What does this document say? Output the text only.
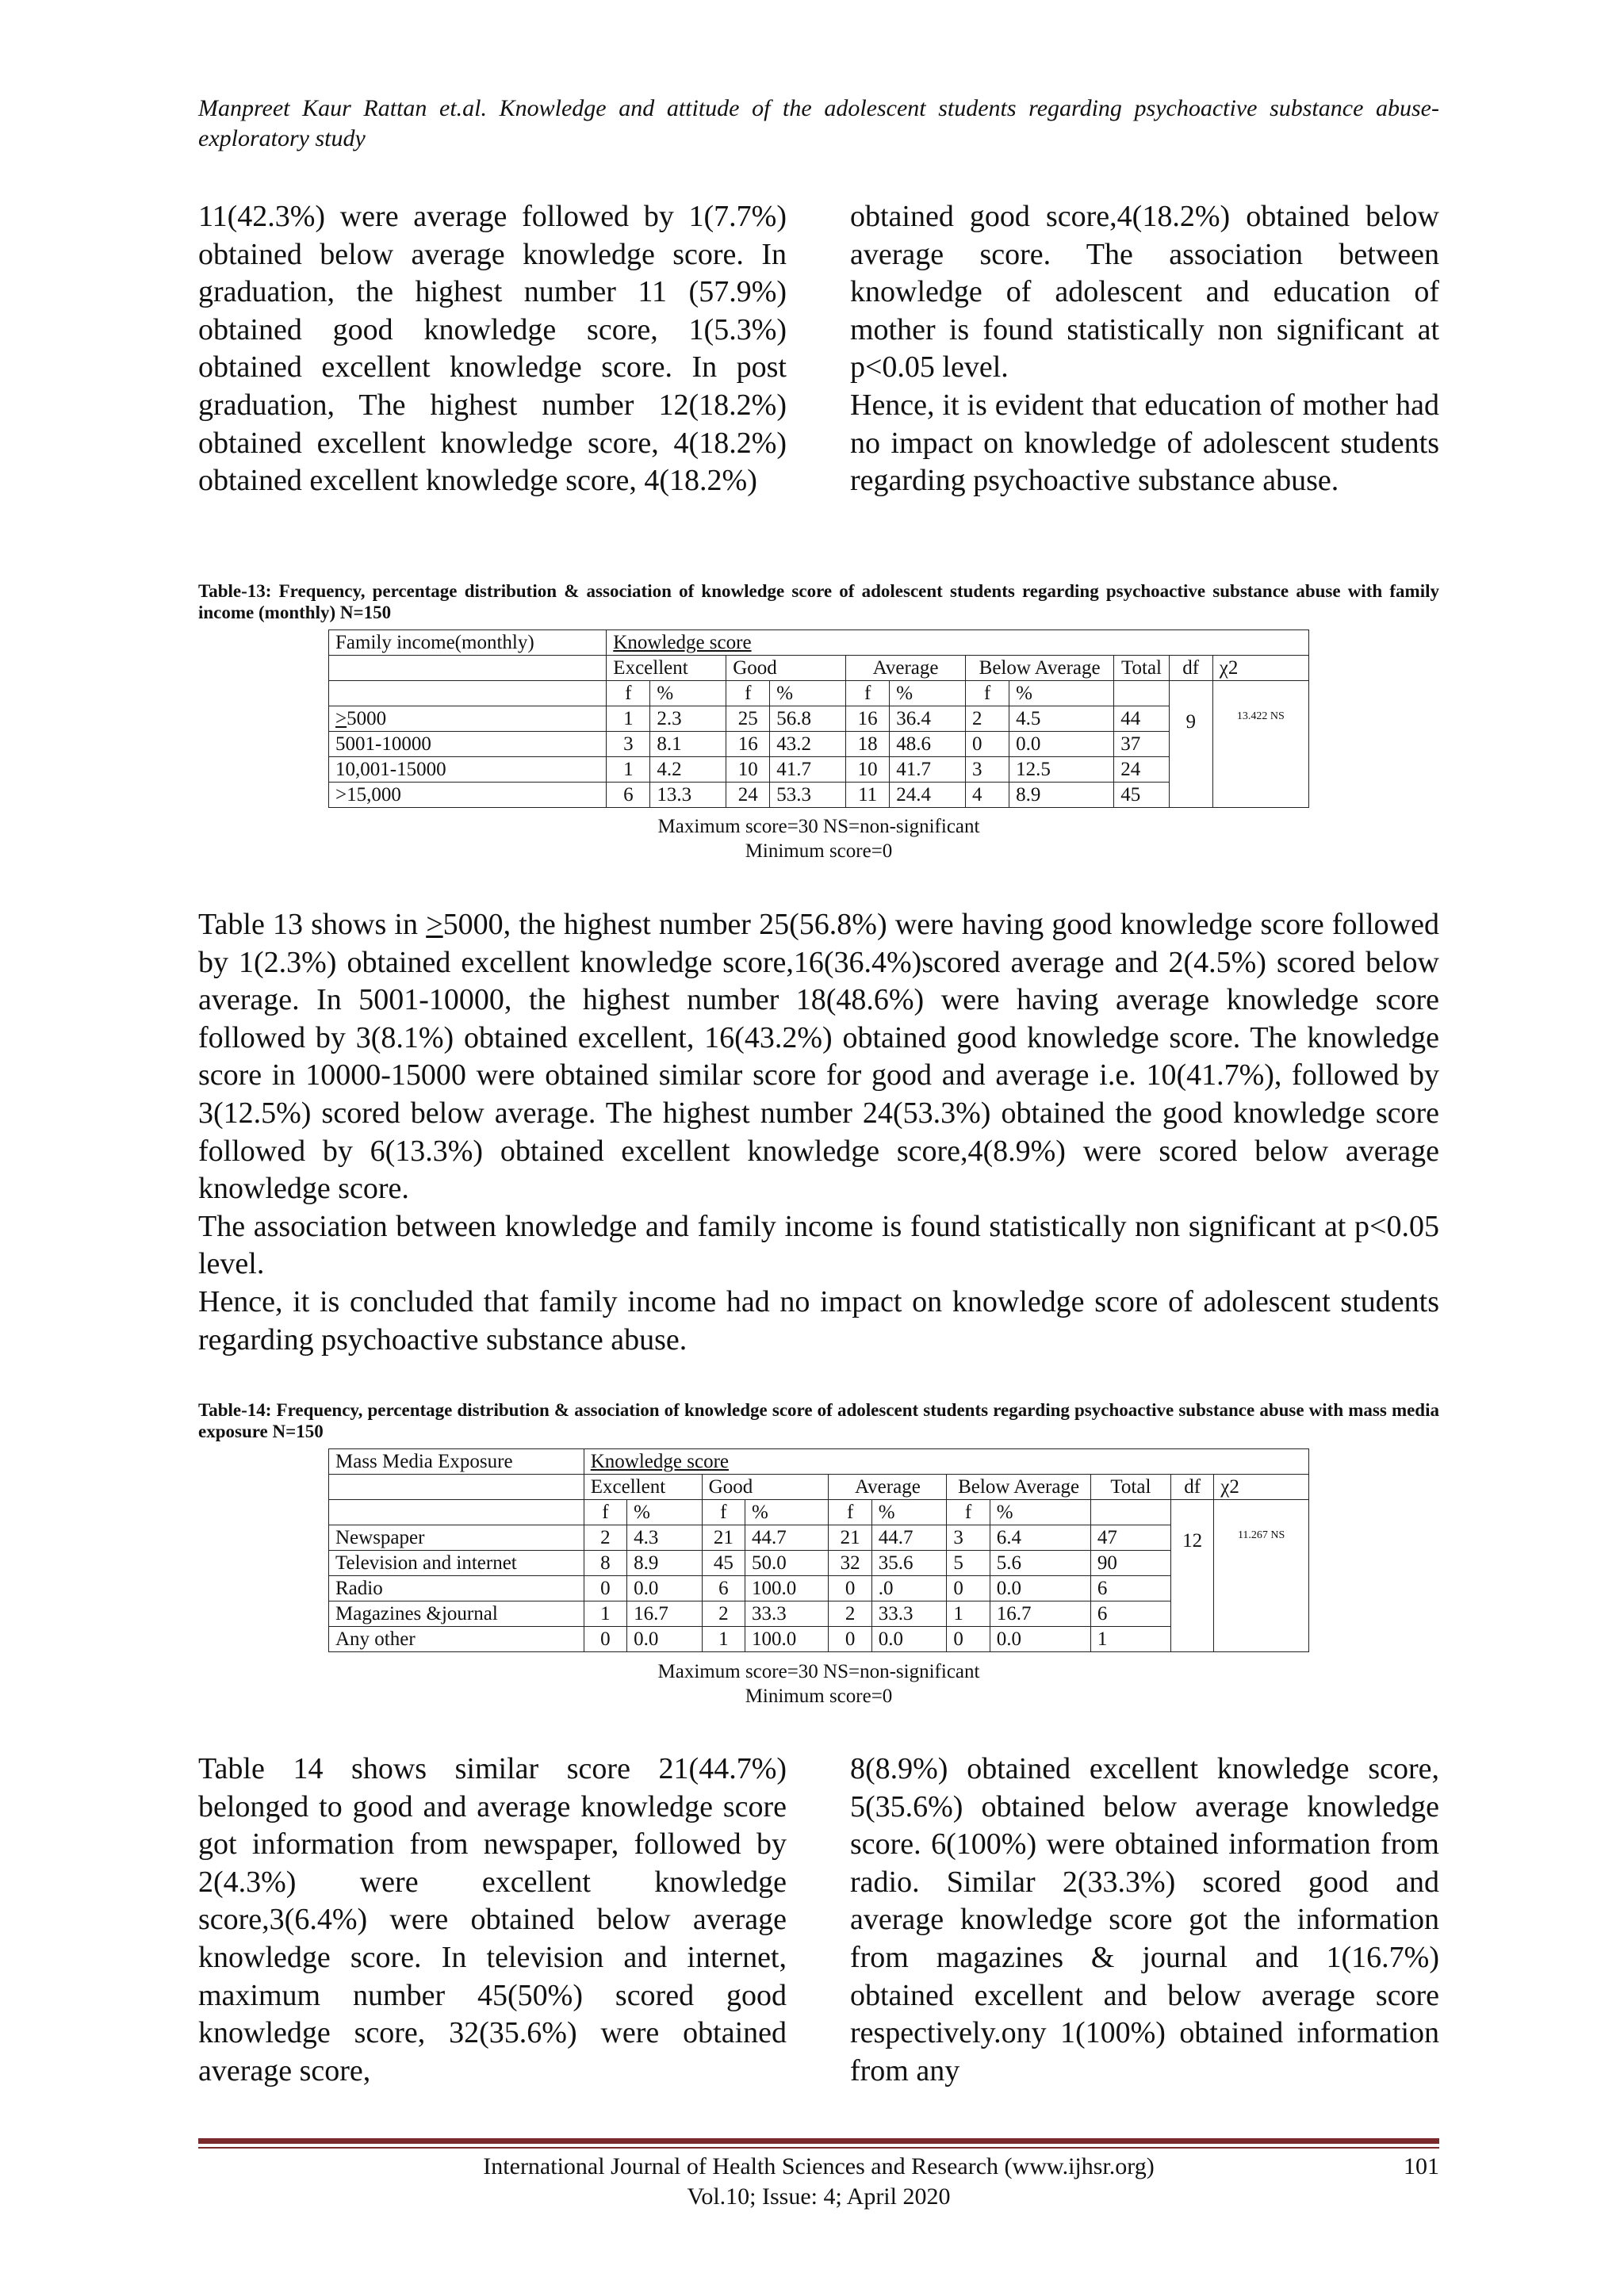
Manpreet Kaur Rattan et.al. Knowledge and attitude of the adolescent students regarding psychoactive substance abuse-exploratory study

11(42.3%) were average followed by 1(7.7%) obtained below average knowledge score. In graduation, the highest number 11 (57.9%) obtained good knowledge score, 1(5.3%) obtained excellent knowledge score. In post graduation, The highest number 12(18.2%) obtained excellent knowledge score, 4(18.2%) obtained excellent knowledge score, 4(18.2%)

obtained good score,4(18.2%) obtained below average score. The association between knowledge of adolescent and education of mother is found statistically non significant at p<0.05 level.

Hence, it is evident that education of mother had no impact on knowledge of adolescent students regarding psychoactive substance abuse.

Table-13: Frequency, percentage distribution & association of knowledge score of adolescent students regarding psychoactive substance abuse with family income (monthly) N=150
Family income(monthly)	Knowledge score										
	Excellent		Good		Average		Below Average		Total	df	χ2
	f	%	f	%	f	%	f	%		9	13.422 NS
≥5000	1	2.3	25	56.8	16	36.4	2	4.5	44		
5001-10000	3	8.1	16	43.2	18	48.6	0	0.0	37		
10,001-15000	1	4.2	10	41.7	10	41.7	3	12.5	24		
>15,000	6	13.3	24	53.3	11	24.4	4	8.9	45		
Maximum score=30 NS=non-significant
Minimum score=0

Table 13 shows in ≥5000, the highest number 25(56.8%) were having good knowledge score followed by 1(2.3%) obtained excellent knowledge score,16(36.4%)scored average and 2(4.5%) scored below average. In 5001-10000, the highest number 18(48.6%) were having average knowledge score followed by 3(8.1%) obtained excellent, 16(43.2%) obtained good knowledge score. The knowledge score in 10000-15000 were obtained similar score for good and average i.e. 10(41.7%), followed by 3(12.5%) scored below average. The highest number 24(53.3%) obtained the good knowledge score followed by 6(13.3%) obtained excellent knowledge score,4(8.9%) were scored below average knowledge score.

The association between knowledge and family income is found statistically non significant at p<0.05 level.

Hence, it is concluded that family income had no impact on knowledge score of adolescent students regarding psychoactive substance abuse.

Table-14: Frequency, percentage distribution & association of knowledge score of adolescent students regarding psychoactive substance abuse with mass media exposure N=150
Mass Media Exposure	Knowledge score										
	Excellent		Good		Average		Below Average		Total	df	χ2
	f	%	f	%	f	%	f	%		12	11.267 NS
Newspaper	2	4.3	21	44.7	21	44.7	3	6.4	47		
Television and internet	8	8.9	45	50.0	32	35.6	5	5.6	90		
Radio	0	0.0	6	100.0	0	.0	0	0.0	6		
Magazines &journal	1	16.7	2	33.3	2	33.3	1	16.7	6		
Any other	0	0.0	1	100.0	0	0.0	0	0.0	1		
Maximum score=30 NS=non-significant
Minimum score=0

Table 14 shows similar score 21(44.7%) belonged to good and average knowledge score got information from newspaper, followed by 2(4.3%) were excellent knowledge score,3(6.4%) were obtained below average knowledge score. In television and internet, maximum number 45(50%) scored good knowledge score, 32(35.6%) were obtained average score,

8(8.9%) obtained excellent knowledge score, 5(35.6%) obtained below average knowledge score. 6(100%) were obtained information from radio. Similar 2(33.3%) scored good and average knowledge score got the information from magazines & journal and 1(16.7%) obtained excellent and below average score respectively.ony 1(100%) obtained information from any

International Journal of Health Sciences and Research (www.ijhsr.org)
Vol.10; Issue: 4; April 2020
101
